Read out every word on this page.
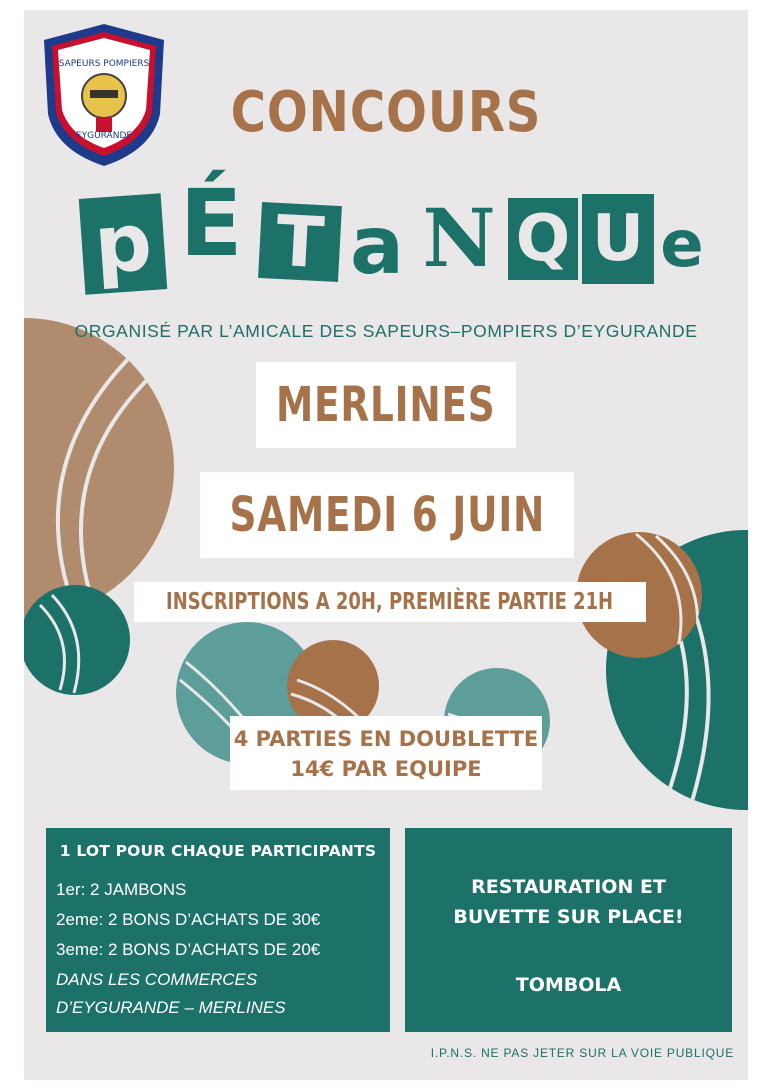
SAPEURS POMPIERS
EYGURANDE	CONCOURS
p É T a N Q U e
ORGANISÉ PAR L’AMICALE DES SAPEURS–POMPIERS D’EYGURANDE
MERLINES
SAMEDI 6 JUIN
INSCRIPTIONS A 20H, PREMIÈRE PARTIE 21H
4 PARTIES EN DOUBLETTE
14€ PAR EQUIPE
1 LOT POUR CHAQUE PARTICIPANTS
1er: 2 JAMBONS
2eme: 2 BONS D’ACHATS DE 30€
3eme: 2 BONS D’ACHATS DE 20€
DANS LES COMMERCES
D’EYGURANDE – MERLINES
RESTAURATION ET
BUVETTE SUR PLACE!
TOMBOLA
I.P.N.S. NE PAS JETER SUR LA VOIE PUBLIQUE
